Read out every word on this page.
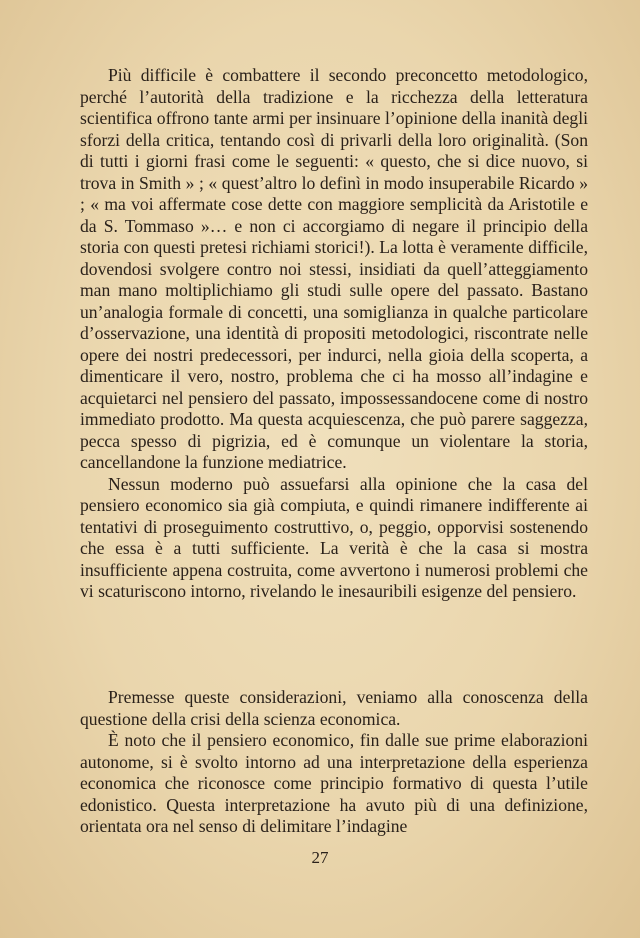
Più difficile è combattere il secondo preconcetto metodologico, perché l’autorità della tradizione e la ricchezza della letteratura scientifica offrono tante armi per insinuare l’opinione della inanità degli sforzi della critica, tentando così di privarli della loro originalità. (Son di tutti i giorni frasi come le seguenti: « questo, che si dice nuovo, si trova in Smith » ; « quest’altro lo definì in modo insuperabile Ricardo » ; « ma voi affermate cose dette con maggiore semplicità da Aristotile e da S. Tommaso »… e non ci accorgiamo di negare il principio della storia con questi pretesi richiami storici!). La lotta è veramente difficile, dovendosi svolgere contro noi stessi, insidiati da quell’atteggiamento man mano moltiplichiamo gli studi sulle opere del passato. Bastano un’analogia formale di concetti, una somiglianza in qualche particolare d’osservazione, una identità di propositi metodologici, riscontrate nelle opere dei nostri predecessori, per indurci, nella gioia della scoperta, a dimenticare il vero, nostro, problema che ci ha mosso all’indagine e acquietarci nel pensiero del passato, impossessandocene come di nostro immediato prodotto. Ma questa acquiescenza, che può parere saggezza, pecca spesso di pigrizia, ed è comunque un violentare la storia, cancellandone la funzione mediatrice.

Nessun moderno può assuefarsi alla opinione che la casa del pensiero economico sia già compiuta, e quindi rimanere indifferente ai tentativi di proseguimento costruttivo, o, peggio, opporvisi sostenendo che essa è a tutti sufficiente. La verità è che la casa si mostra insufficiente appena costruita, come avvertono i numerosi problemi che vi scaturiscono intorno, rivelando le inesauribili esigenze del pensiero.

Premesse queste considerazioni, veniamo alla conoscenza della questione della crisi della scienza economica.

È noto che il pensiero economico, fin dalle sue prime elaborazioni autonome, si è svolto intorno ad una interpretazione della esperienza economica che riconosce come principio formativo di questa l’utile edonistico. Questa interpretazione ha avuto più di una definizione, orientata ora nel senso di delimitare l’indagine

27
